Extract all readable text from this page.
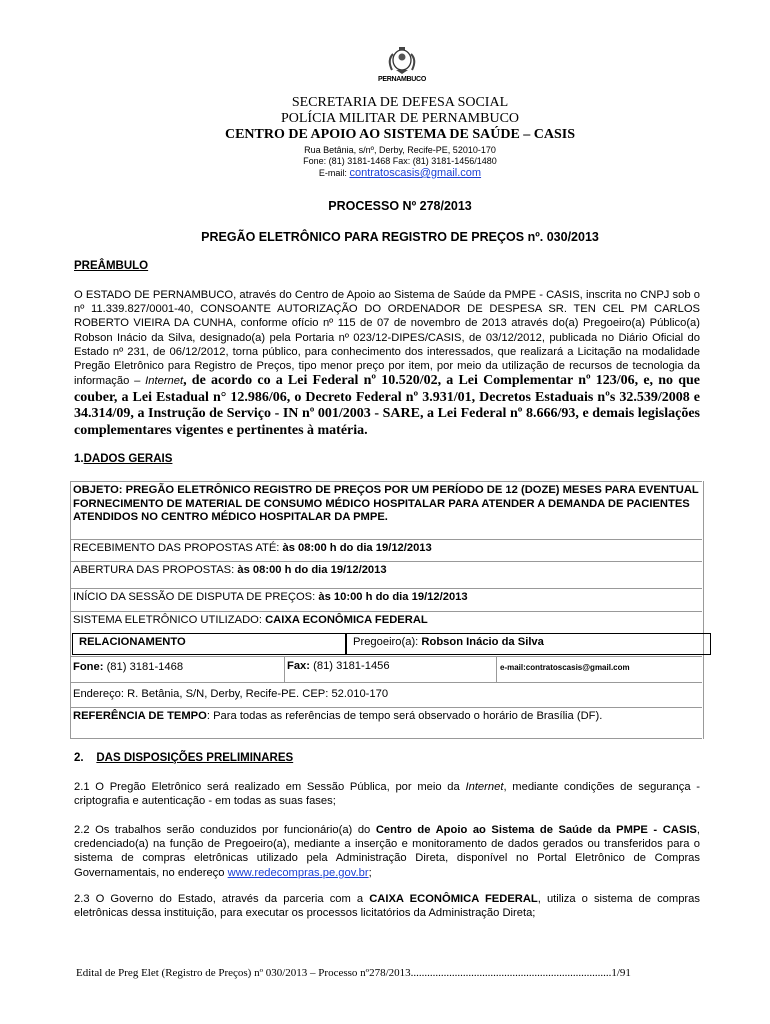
PERNAMBUCO
SECRETARIA DE DEFESA SOCIAL
POLÍCIA MILITAR DE PERNAMBUCO
CENTRO DE APOIO AO SISTEMA DE SAÚDE – CASIS
Rua Betânia, s/nº, Derby, Recife-PE, 52010-170
Fone: (81) 3181-1468 Fax: (81) 3181-1456/1480
E-mail: contratoscasis@gmail.com
PROCESSO Nº 278/2013
PREGÃO ELETRÔNICO PARA REGISTRO DE PREÇOS nº. 030/2013
PREÂMBULO
O ESTADO DE PERNAMBUCO, através do Centro de Apoio ao Sistema de Saúde da PMPE - CASIS, inscrita no CNPJ sob o nº 11.339.827/0001-40, CONSOANTE AUTORIZAÇÃO DO ORDENADOR DE DESPESA SR. TEN CEL PM CARLOS ROBERTO VIEIRA DA CUNHA, conforme ofício nº 115 de 07 de novembro de 2013 através do(a) Pregoeiro(a) Público(a) Robson Inácio da Silva, designado(a) pela Portaria nº 023/12-DIPES/CASIS, de 03/12/2012, publicada no Diário Oficial do Estado nº 231, de 06/12/2012, torna público, para conhecimento dos interessados, que realizará a Licitação na modalidade Pregão Eletrônico para Registro de Preços, tipo menor preço por item, por meio da utilização de recursos de tecnologia da informação – Internet, de acordo co a Lei Federal nº 10.520/02, a Lei Complementar nº 123/06, e, no que couber, a Lei Estadual n° 12.986/06, o Decreto Federal nº 3.931/01, Decretos Estaduais nºs 32.539/2008 e 34.314/09, a Instrução de Serviço - IN nº 001/2003 - SARE, a Lei Federal nº 8.666/93, e demais legislações complementares vigentes e pertinentes à matéria.
1.DADOS GERAIS
OBJETO: PREGÃO ELETRÔNICO REGISTRO DE PREÇOS POR UM PERÍODO DE 12 (DOZE) MESES PARA EVENTUAL FORNECIMENTO DE MATERIAL DE CONSUMO MÉDICO HOSPITALAR PARA ATENDER A DEMANDA DE PACIENTES ATENDIDOS NO CENTRO MÉDICO HOSPITALAR DA PMPE.
RECEBIMENTO DAS PROPOSTAS ATÉ: às 08:00 h do dia 19/12/2013
ABERTURA DAS PROPOSTAS: às 08:00 h do dia 19/12/2013
INÍCIO DA SESSÃO DE DISPUTA DE PREÇOS: às 10:00 h do dia 19/12/2013
SISTEMA ELETRÔNICO UTILIZADO: CAIXA ECONÔMICA FEDERAL
RELACIONAMENTO	Pregoeiro(a): Robson Inácio da Silva
Fone: (81) 3181-1468	Fax: (81) 3181-1456	e-mail:contratoscasis@gmail.com
Endereço: R. Betânia, S/N, Derby, Recife-PE. CEP: 52.010-170
REFERÊNCIA DE TEMPO: Para todas as referências de tempo será observado o horário de Brasília (DF).
2. DAS DISPOSIÇÕES PRELIMINARES
2.1 O Pregão Eletrônico será realizado em Sessão Pública, por meio da Internet, mediante condições de segurança - criptografia e autenticação - em todas as suas fases;
2.2 Os trabalhos serão conduzidos por funcionário(a) do Centro de Apoio ao Sistema de Saúde da PMPE - CASIS, credenciado(a) na função de Pregoeiro(a), mediante a inserção e monitoramento de dados gerados ou transferidos para o sistema de compras eletrônicas utilizado pela Administração Direta, disponível no Portal Eletrônico de Compras Governamentais, no endereço www.redecompras.pe.gov.br;
2.3 O Governo do Estado, através da parceria com a CAIXA ECONÔMICA FEDERAL, utiliza o sistema de compras eletrônicas dessa instituição, para executar os processos licitatórios da Administração Direta;
Edital de Preg Elet (Registro de Preços) nº 030/2013 – Processo nº278/2013.........................................................................1/91
